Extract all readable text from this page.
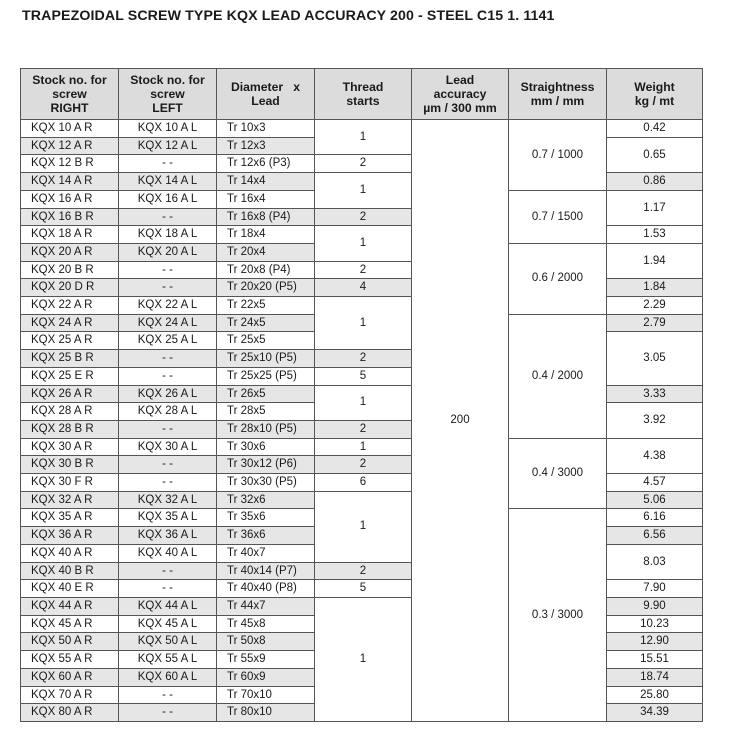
TRAPEZOIDAL SCREW TYPE KQX LEAD ACCURACY 200 - STEEL C15 1. 1141
Stock no. for
screw
RIGHT	Stock no. for
screw
LEFT	Diameter   x
Lead	Thread
starts	Lead
accuracy
µm / 300 mm	Straightness
mm / mm	Weight
kg / mt

KQX 10 A R	KQX 10 A L	Tr 10x3	1	200	0.7 / 1000	0.42
KQX 12 A R	KQX 12 A L	Tr 12x3				0.65
KQX 12 B R	- -	Tr 12x6 (P3)	2			
KQX 14 A R	KQX 14 A L	Tr 14x4	1			0.86
KQX 16 A R	KQX 16 A L	Tr 16x4			0.7 / 1500	1.17
KQX 16 B R	- -	Tr 16x8 (P4)	2			
KQX 18 A R	KQX 18 A L	Tr 18x4	1			1.53
KQX 20 A R	KQX 20 A L	Tr 20x4			0.6 / 2000	1.94
KQX 20 B R	- -	Tr 20x8 (P4)	2			
KQX 20 D R	- -	Tr 20x20 (P5)	4			1.84
KQX 22 A R	KQX 22 A L	Tr 22x5	1			2.29
KQX 24 A R	KQX 24 A L	Tr 24x5			0.4 / 2000	2.79
KQX 25 A R	KQX 25 A L	Tr 25x5				3.05
KQX 25 B R	- -	Tr 25x10 (P5)	2			
KQX 25 E R	- -	Tr 25x25 (P5)	5			
KQX 26 A R	KQX 26 A L	Tr 26x5	1			3.33
KQX 28 A R	KQX 28 A L	Tr 28x5				3.92
KQX 28 B R	- -	Tr 28x10 (P5)	2			
KQX 30 A R	KQX 30 A L	Tr 30x6	1		0.4 / 3000	4.38
KQX 30 B R	- -	Tr 30x12 (P6)	2			
KQX 30 F R	- -	Tr 30x30 (P5)	6			4.57
KQX 32 A R	KQX 32 A L	Tr 32x6	1			5.06
KQX 35 A R	KQX 35 A L	Tr 35x6			0.3 / 3000	6.16
KQX 36 A R	KQX 36 A L	Tr 36x6				6.56
KQX 40 A R	KQX 40 A L	Tr 40x7				8.03
KQX 40 B R	- -	Tr 40x14 (P7)	2			
KQX 40 E R	- -	Tr 40x40 (P8)	5			7.90
KQX 44 A R	KQX 44 A L	Tr 44x7	1			9.90
KQX 45 A R	KQX 45 A L	Tr 45x8				10.23
KQX 50 A R	KQX 50 A L	Tr 50x8				12.90
KQX 55 A R	KQX 55 A L	Tr 55x9				15.51
KQX 60 A R	KQX 60 A L	Tr 60x9				18.74
KQX 70 A R	- -	Tr 70x10				25.80
KQX 80 A R	- -	Tr 80x10				34.39
